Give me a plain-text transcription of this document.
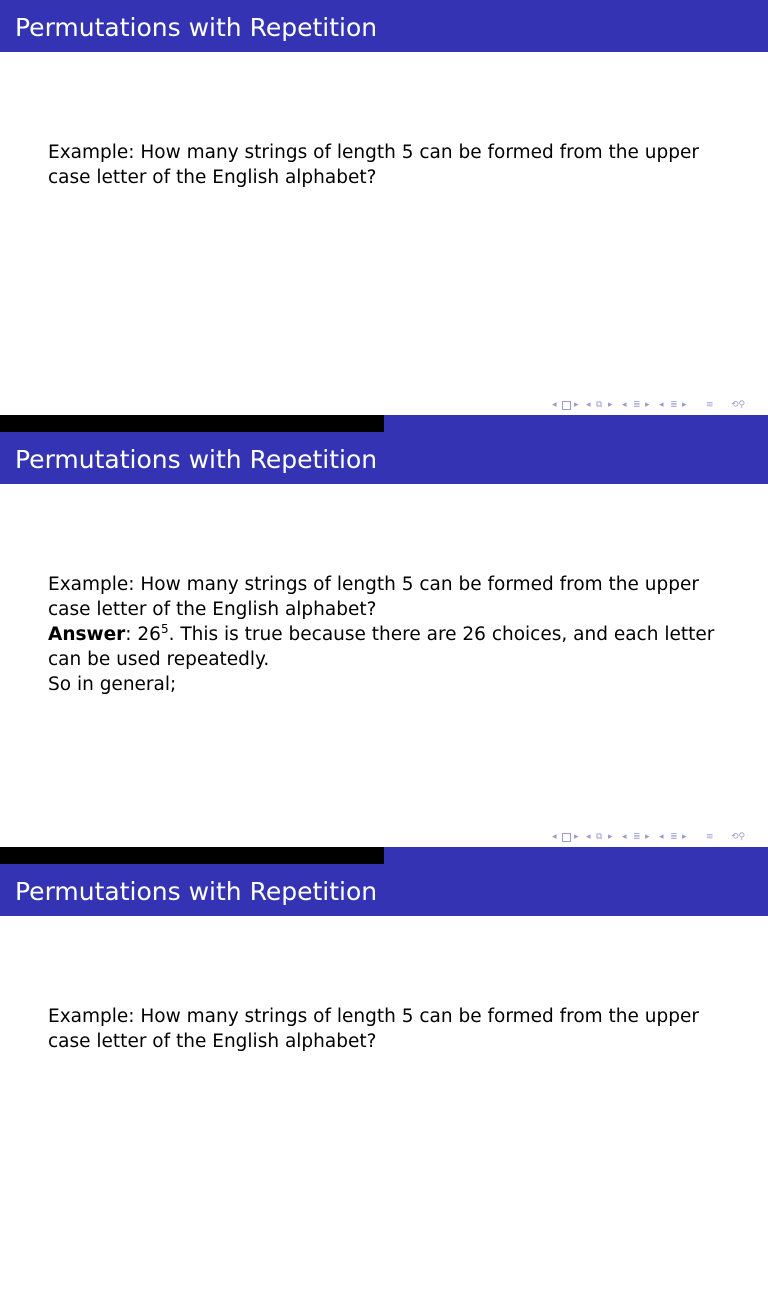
Permutations with Repetition

Example: How many strings of length 5 can be formed from the upper case letter of the English alphabet?

◂ ▸ ◂ ⧉ ▸ ◂ ≣ ▸ ◂ ≣ ▸ ≡ ⟲⚲
Permutations with Repetition

Example: How many strings of length 5 can be formed from the upper case letter of the English alphabet?

Answer: $26^5$. This is true because there are 26 choices, and each letter can be used repeatedly.

So in general;

◂ ▸ ◂ ⧉ ▸ ◂ ≣ ▸ ◂ ≣ ▸ ≡ ⟲⚲
Permutations with Repetition

Example: How many strings of length 5 can be formed from the upper case letter of the English alphabet?
